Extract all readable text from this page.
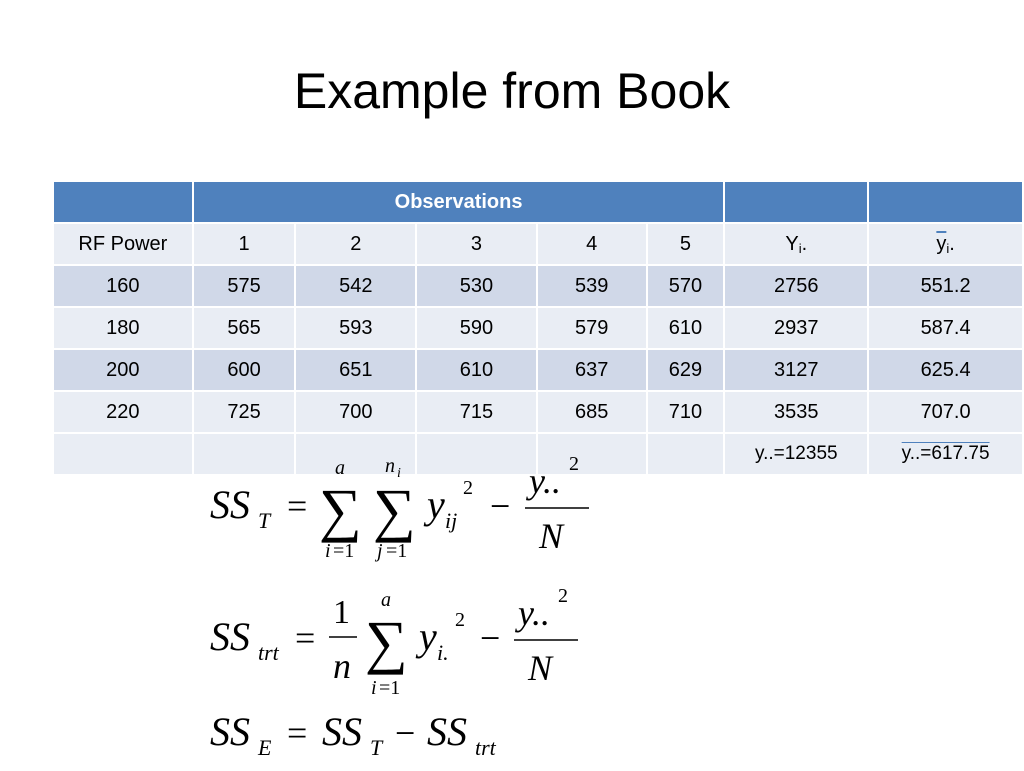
Example from Book
	Observations						
RF Power	1	2	3	4	5	$Y_i$.	$\overline{y}_i$.
160	575	542	530	539	570	2756	551.2
180	565	593	590	579	610	2937	587.4
200	600	651	610	637	629	3127	625.4
220	725	700	715	685	710	3535	707.0
						y..=12355	y..=617.75
SS T = ∑
a
i =1
∑
n i
j =1
y ij
2 −
y.. 2
N
SS trt =
1
n ∑
a
i =1
y i.
2 −
y.. 2
N
SS E = SS T − SS trt
